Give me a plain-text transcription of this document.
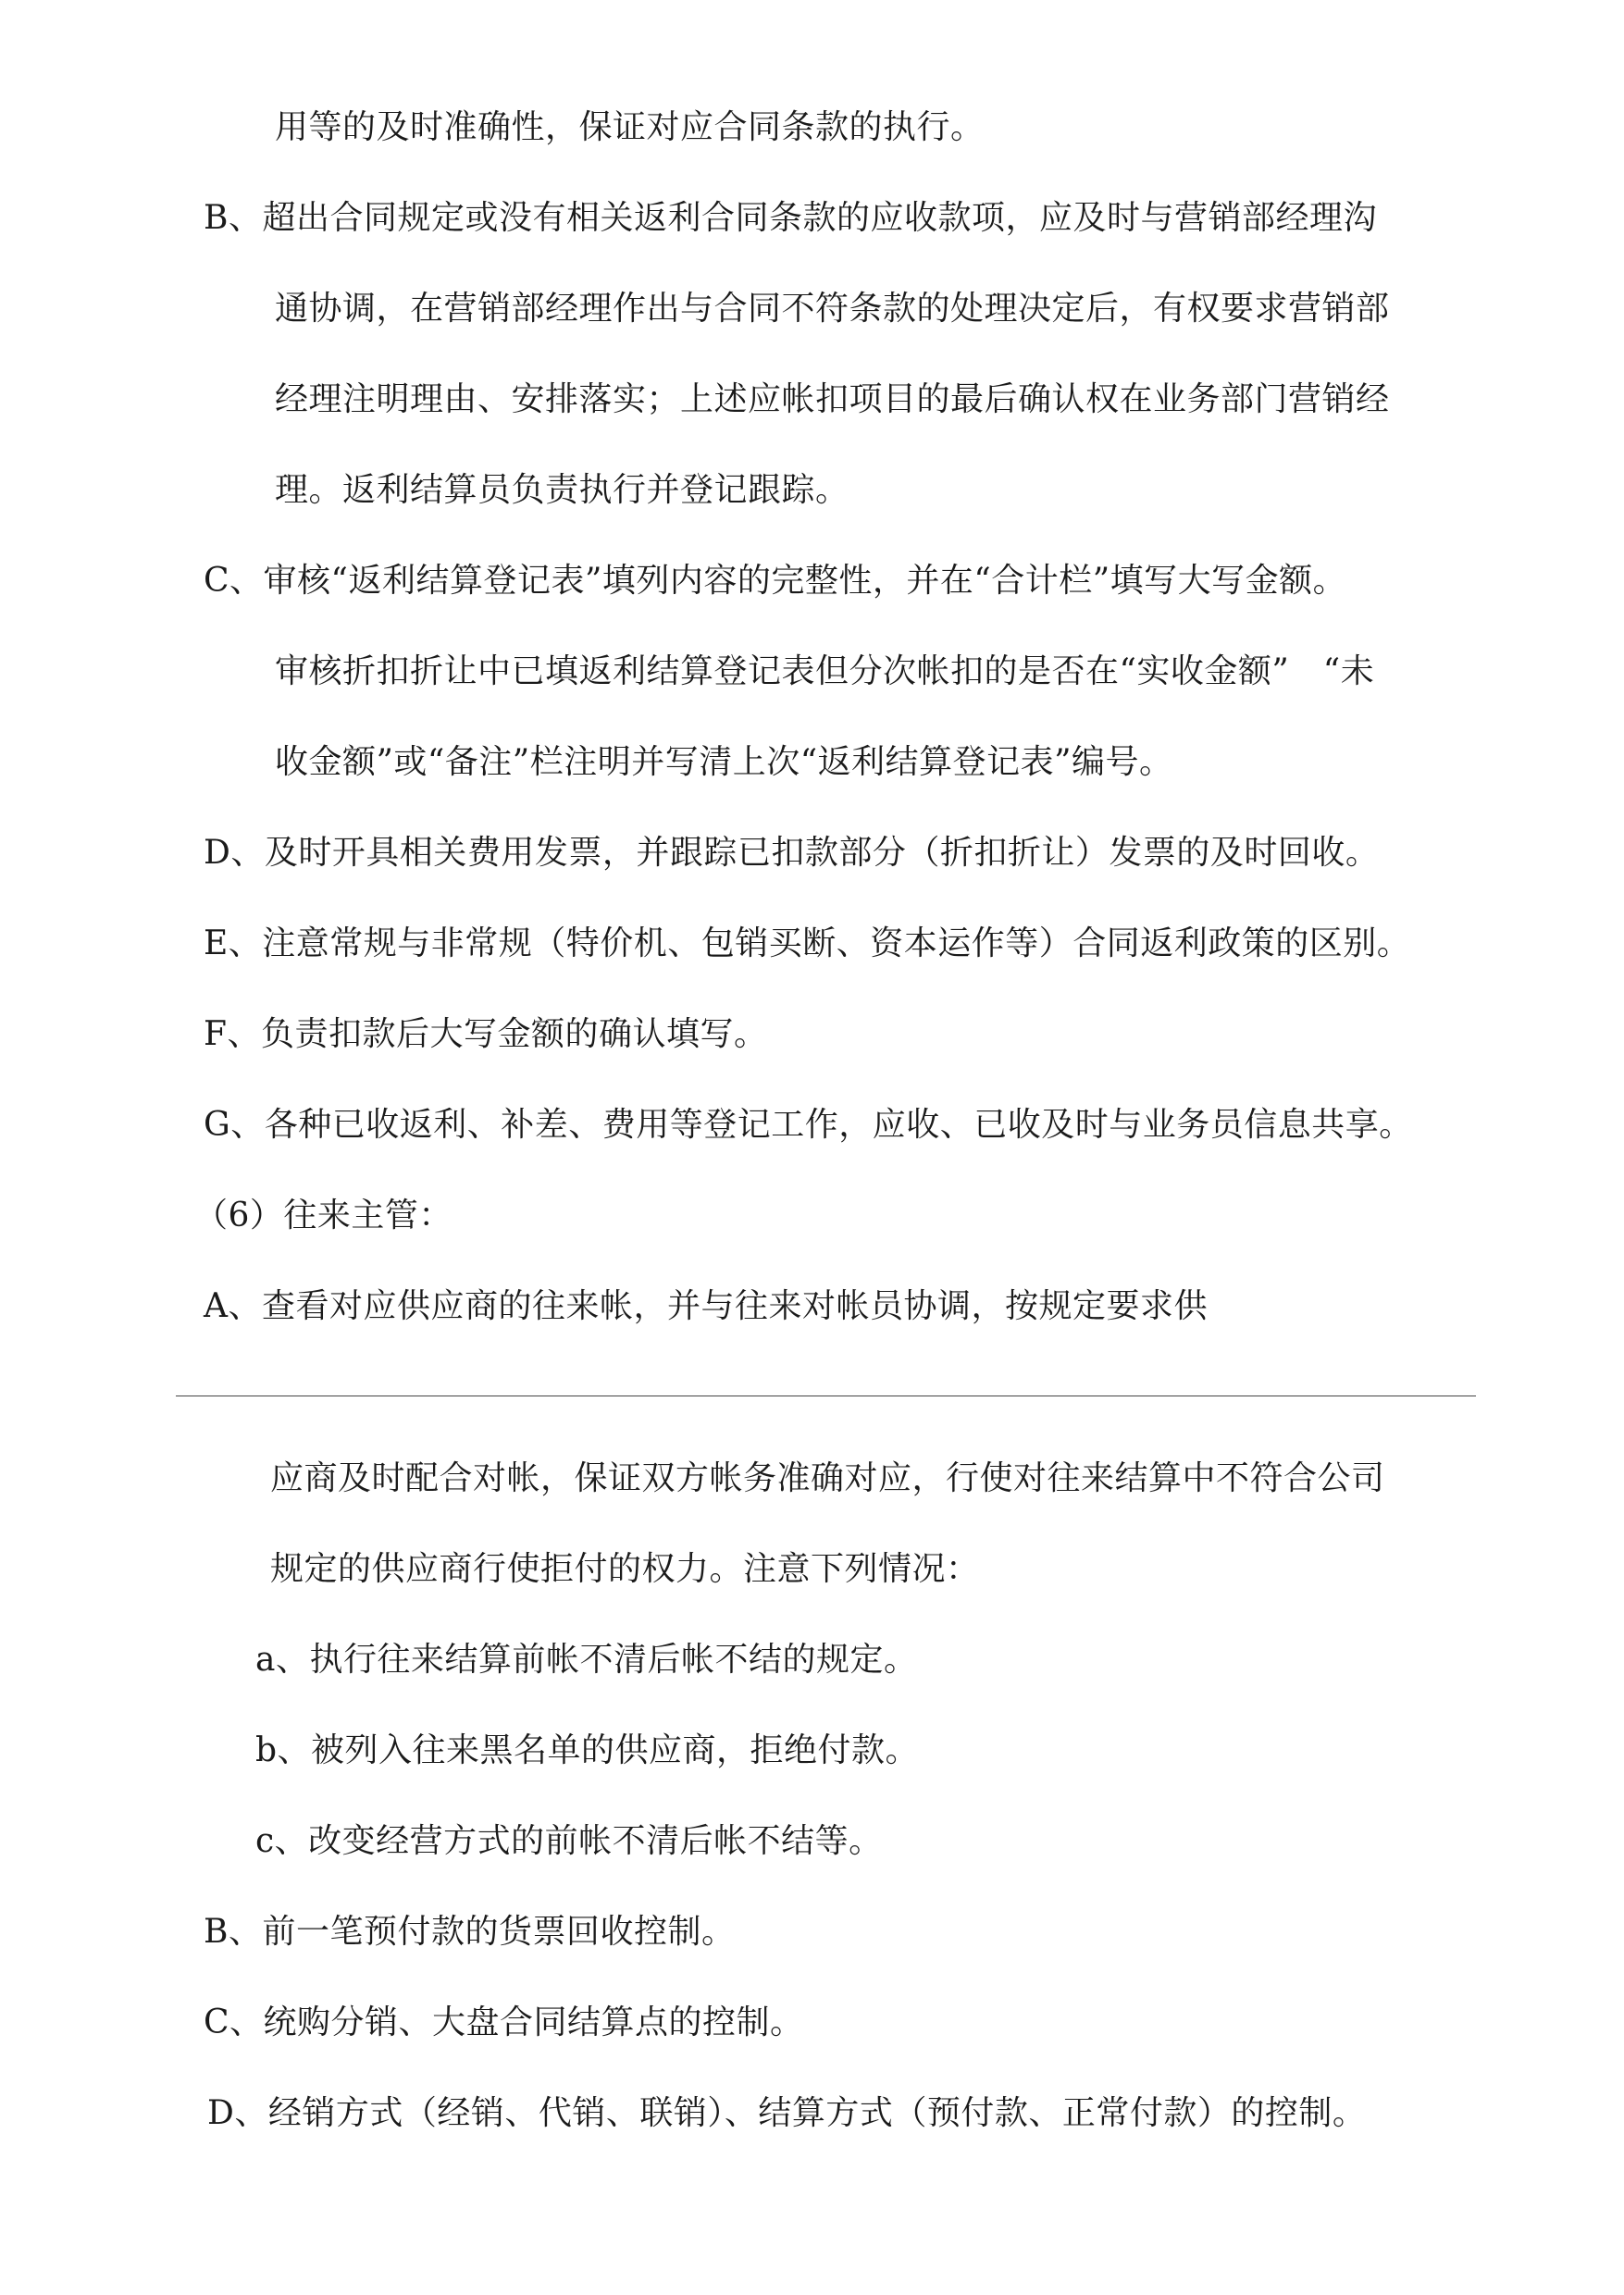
用等的及时准确性，保证对应合同条款的执行。
B、超出合同规定或没有相关返利合同条款的应收款项，应及时与营销部经理沟
通协调，在营销部经理作出与合同不符条款的处理决定后，有权要求营销部
经理注明理由、安排落实；上述应帐扣项目的最后确认权在业务部门营销经
理。返利结算员负责执行并登记跟踪。
C、审核“返利结算登记表”填列内容的完整性，并在“合计栏”填写大写金额。
审核折扣折让中已填返利结算登记表但分次帐扣的是否在“实收金额”　“未
收金额”或“备注”栏注明并写清上次“返利结算登记表”编号。
D、及时开具相关费用发票，并跟踪已扣款部分（折扣折让）发票的及时回收。
E、注意常规与非常规（特价机、包销买断、资本运作等）合同返利政策的区别。
F、负责扣款后大写金额的确认填写。
G、各种已收返利、补差、费用等登记工作，应收、已收及时与业务员信息共享。
（6）往来主管：
A、查看对应供应商的往来帐，并与往来对帐员协调，按规定要求供
应商及时配合对帐，保证双方帐务准确对应，行使对往来结算中不符合公司
规定的供应商行使拒付的权力。注意下列情况：
a、执行往来结算前帐不清后帐不结的规定。
b、被列入往来黑名单的供应商，拒绝付款。
c、改变经营方式的前帐不清后帐不结等。
B、前一笔预付款的货票回收控制。
C、统购分销、大盘合同结算点的控制。
D、经销方式（经销、代销、联销）、结算方式（预付款、正常付款）的控制。
